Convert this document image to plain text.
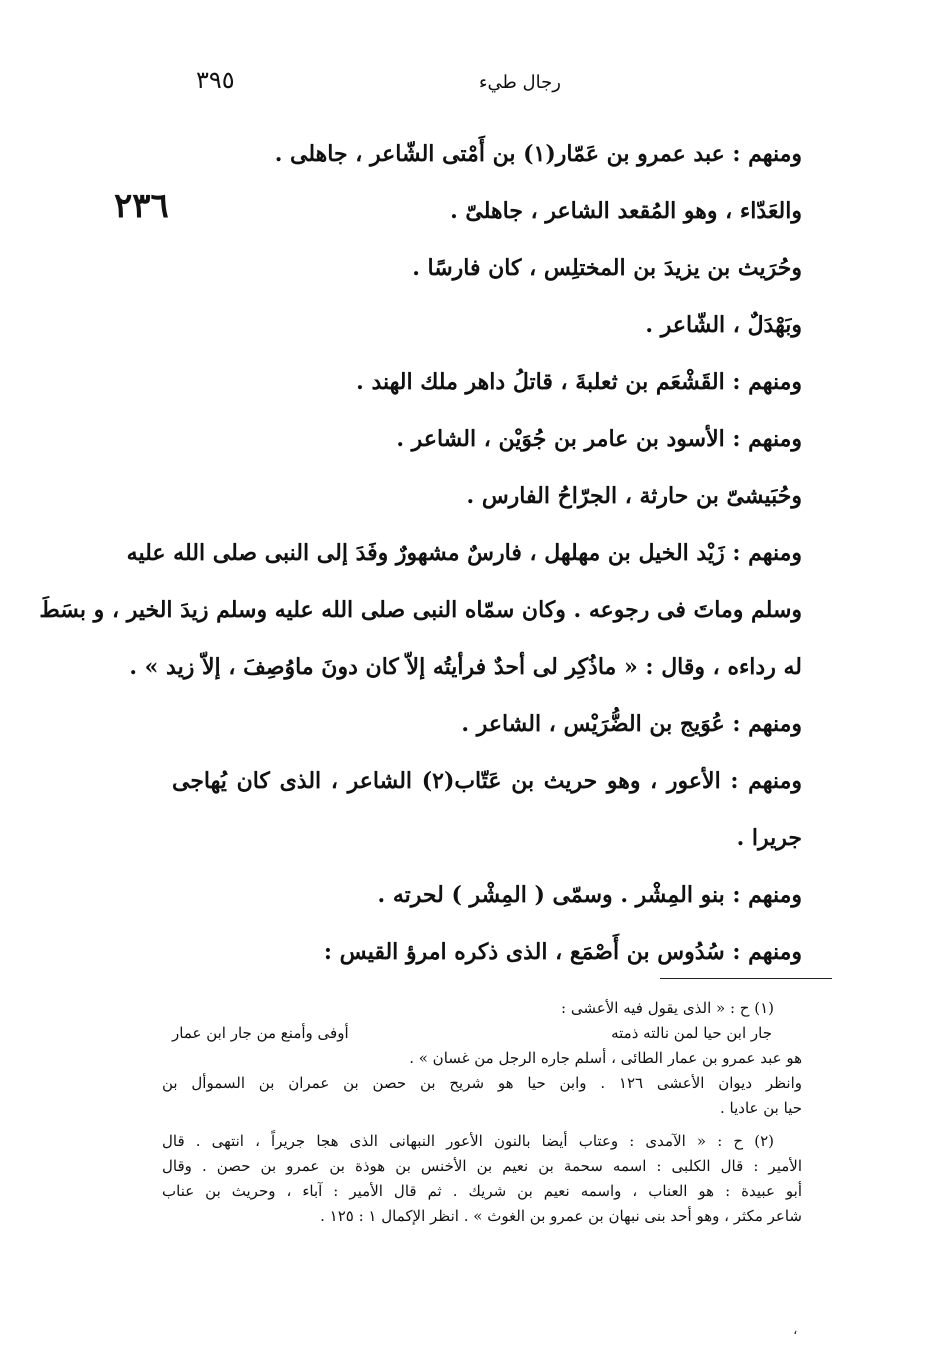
٣٩٥	رجال طيء
٢٣٦
ومنهم : عبد عمرو بن عَمّار(١) بن أَمْتى الشّاعر ، جاهلى .
والعَدّاء ، وهو المُقعد الشاعر ، جاهلىّ .
وحُرَيث بن يزيدَ بن المختلِس ، كان فارسًا .
وبَهْدَلٌ ، الشّاعر .
ومنهم : القَشْعَم بن ثعلبةَ ، قاتلُ داهر ملك الهند .
ومنهم : الأسود بن عامر بن جُوَيْن ، الشاعر .
وحُبَيشىّ بن حارثة ، الجرّاحُ الفارس .
ومنهم : زَيْد الخيل بن مهلهل ، فارسٌ مشهورٌ وفَدَ إلى النبى صلى الله عليه
وسلم وماتَ فى رجوعه . وكان سمّاه النبى صلى الله عليه وسلم زيدَ الخير ، و بسَطَ
له رداءه ، وقال : « ماذُكِر لى أحدٌ فرأيتُه إلاّ كان دونَ ماوُصِفَ ، إلاّ زيد » .
ومنهم : عُوَيج بن الضُّرَيْس ، الشاعر .
ومنهم : الأعور ، وهو حريث بن عَتّاب(٢) الشاعر ، الذى كان يُهاجى
جريرا .
ومنهم : بنو المِشْر . وسمّى ( المِشْر ) لحرته .
ومنهم : سُدُوس بن أَصْمَع ، الذى ذكره امرؤ القيس :
(١) ح : « الذى يقول فيه الأعشى :
جار ابن حيا لمن نالته ذمته
أوفى وأمنع من جار ابن عمار
هو عبد عمرو بن عمار الطائى ، أسلم جاره الرجل من غسان » .
وانظر ديوان الأعشى ١٢٦ . وابن حيا هو شريح بن حصن بن عمران بن السموأل بن
حيا بن عاديا .
(٢) ح : « الآمدى : وعتاب أيضا بالنون الأعور النبهانى الذى هجا جريراً ، انتهى . قال
الأمير : قال الكلبى : اسمه سحمة بن نعيم بن الأخنس بن هوذة بن عمرو بن حصن . وقال
أبو عبيدة : هو العناب ، واسمه نعيم بن شريك . ثم قال الأمير : آباء ، وحريث بن عناب
شاعر مكثر ، وهو أحد بنى نبهان بن عمرو بن الغوث » . انظر الإكمال ١ : ١٢٥ .
،
